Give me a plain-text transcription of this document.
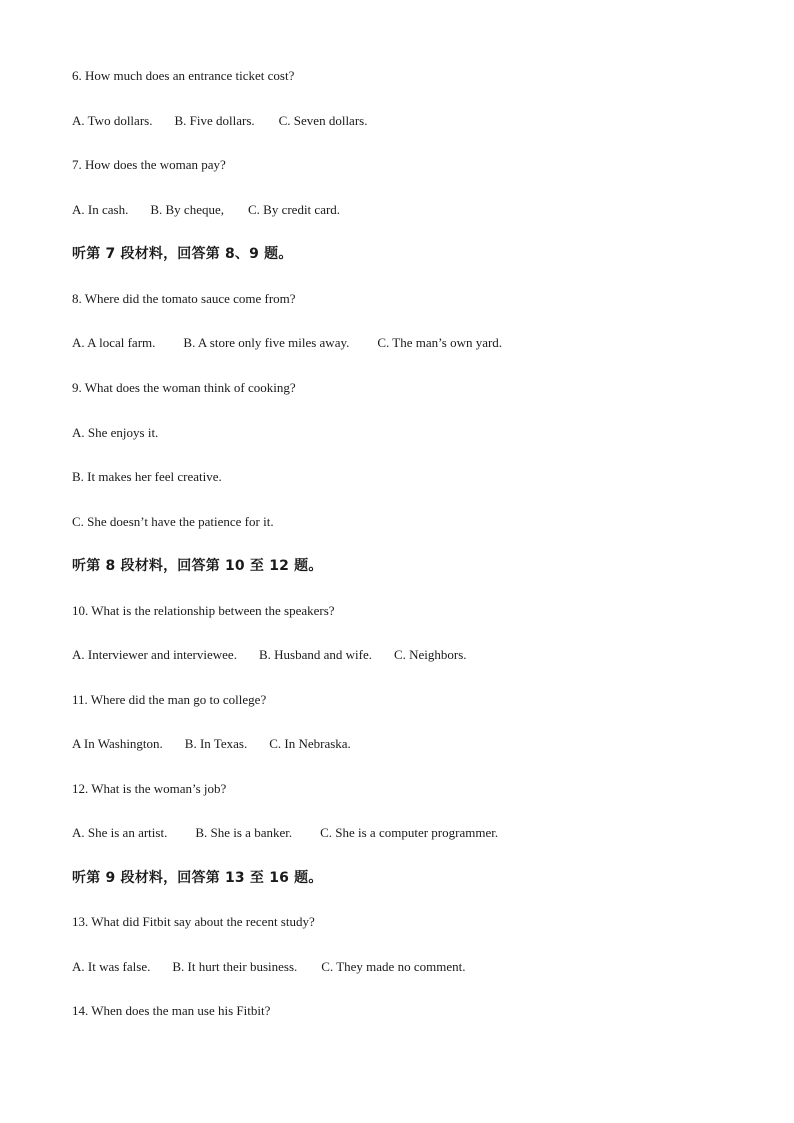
6. How much does an entrance ticket cost?
A. Two dollars. B. Five dollars. C. Seven dollars.
7. How does the woman pay?
A. In cash. B. By cheque, C. By credit card.
听第 7 段材料，回答第 8、9 题。
8. Where did the tomato sauce come from?
A. A local farm. B. A store only five miles away. C. The man’s own yard.
9. What does the woman think of cooking?
A. She enjoys it.
B. It makes her feel creative.
C. She doesn’t have the patience for it.
听第 8 段材料，回答第 10 至 12 题。
10. What is the relationship between the speakers?
A. Interviewer and interviewee. B. Husband and wife. C. Neighbors.
11. Where did the man go to college?
A In Washington. B. In Texas. C. In Nebraska.
12. What is the woman’s job?
A. She is an artist. B. She is a banker. C. She is a computer programmer.
听第 9 段材料，回答第 13 至 16 题。
13. What did Fitbit say about the recent study?
A. It was false. B. It hurt their business. C. They made no comment.
14. When does the man use his Fitbit?
